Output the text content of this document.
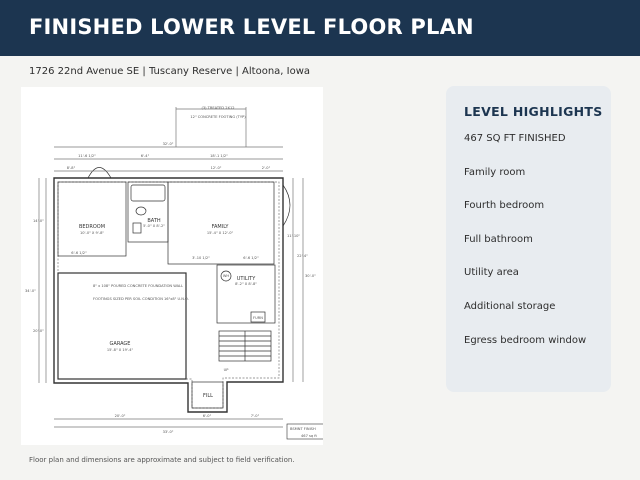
FINISHED LOWER LEVEL FLOOR PLAN
1726 22nd Avenue SE | Tuscany Reserve | Altoona, Iowa
BEDROOM
10'-0" X 9'-8"
BATH
5'-0" X 8'-2"	FAMILY
15'-4" X 12'-0"
UTILITY
8'-2" X 8'-8"
GARAGE
15'-8" X 19'-4"
FILL
FURN
UP
WH
(3) TREATED 2X12
12" CONCRETE FOOTING (TYP)
8" x 108" POURED CONCRETE FOUNDATION WALL
FOOTINGS SIZED PER SOIL CONDITION 16"x8" U.N.O.
32'-0"
18'-1 1/2"
11'-6 1/2"	6'-4"
12'-0"	2'-0"
8'-8"
3'-10 1/2"
6'-6 1/2"
6'-6 1/2"
20'-0"
33'-0"
6'-0"	7'-0"
14'-0"
20'-0"
34'-0"
11'-10"
22'-4"
30'-0"
BSMNT FINISH
467 sq ft
LEVEL HIGHLIGHTS
467 SQ FT FINISHED
Family room
Fourth bedroom
Full bathroom
Utility area
Additional storage
Egress bedroom window
Floor plan and dimensions are approximate and subject to field verification.
